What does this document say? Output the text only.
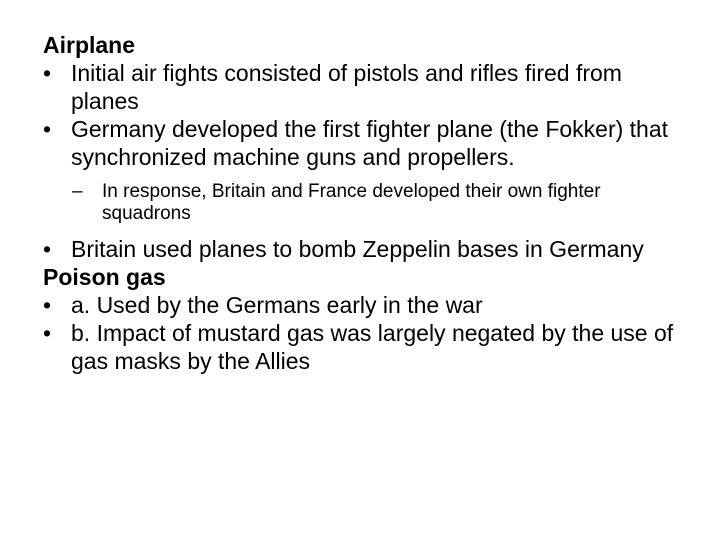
Airplane

• Initial air fights consisted of pistols and rifles fired from planes

• Germany developed the first fighter plane (the Fokker) that synchronized machine guns and propellers.

–	In response, Britain and France developed their own fighter squadrons

• Britain used planes to bomb Zeppelin bases in Germany

Poison gas

• a. Used by the Germans early in the war

• b. Impact of mustard gas was largely negated by the use of gas masks by the Allies
